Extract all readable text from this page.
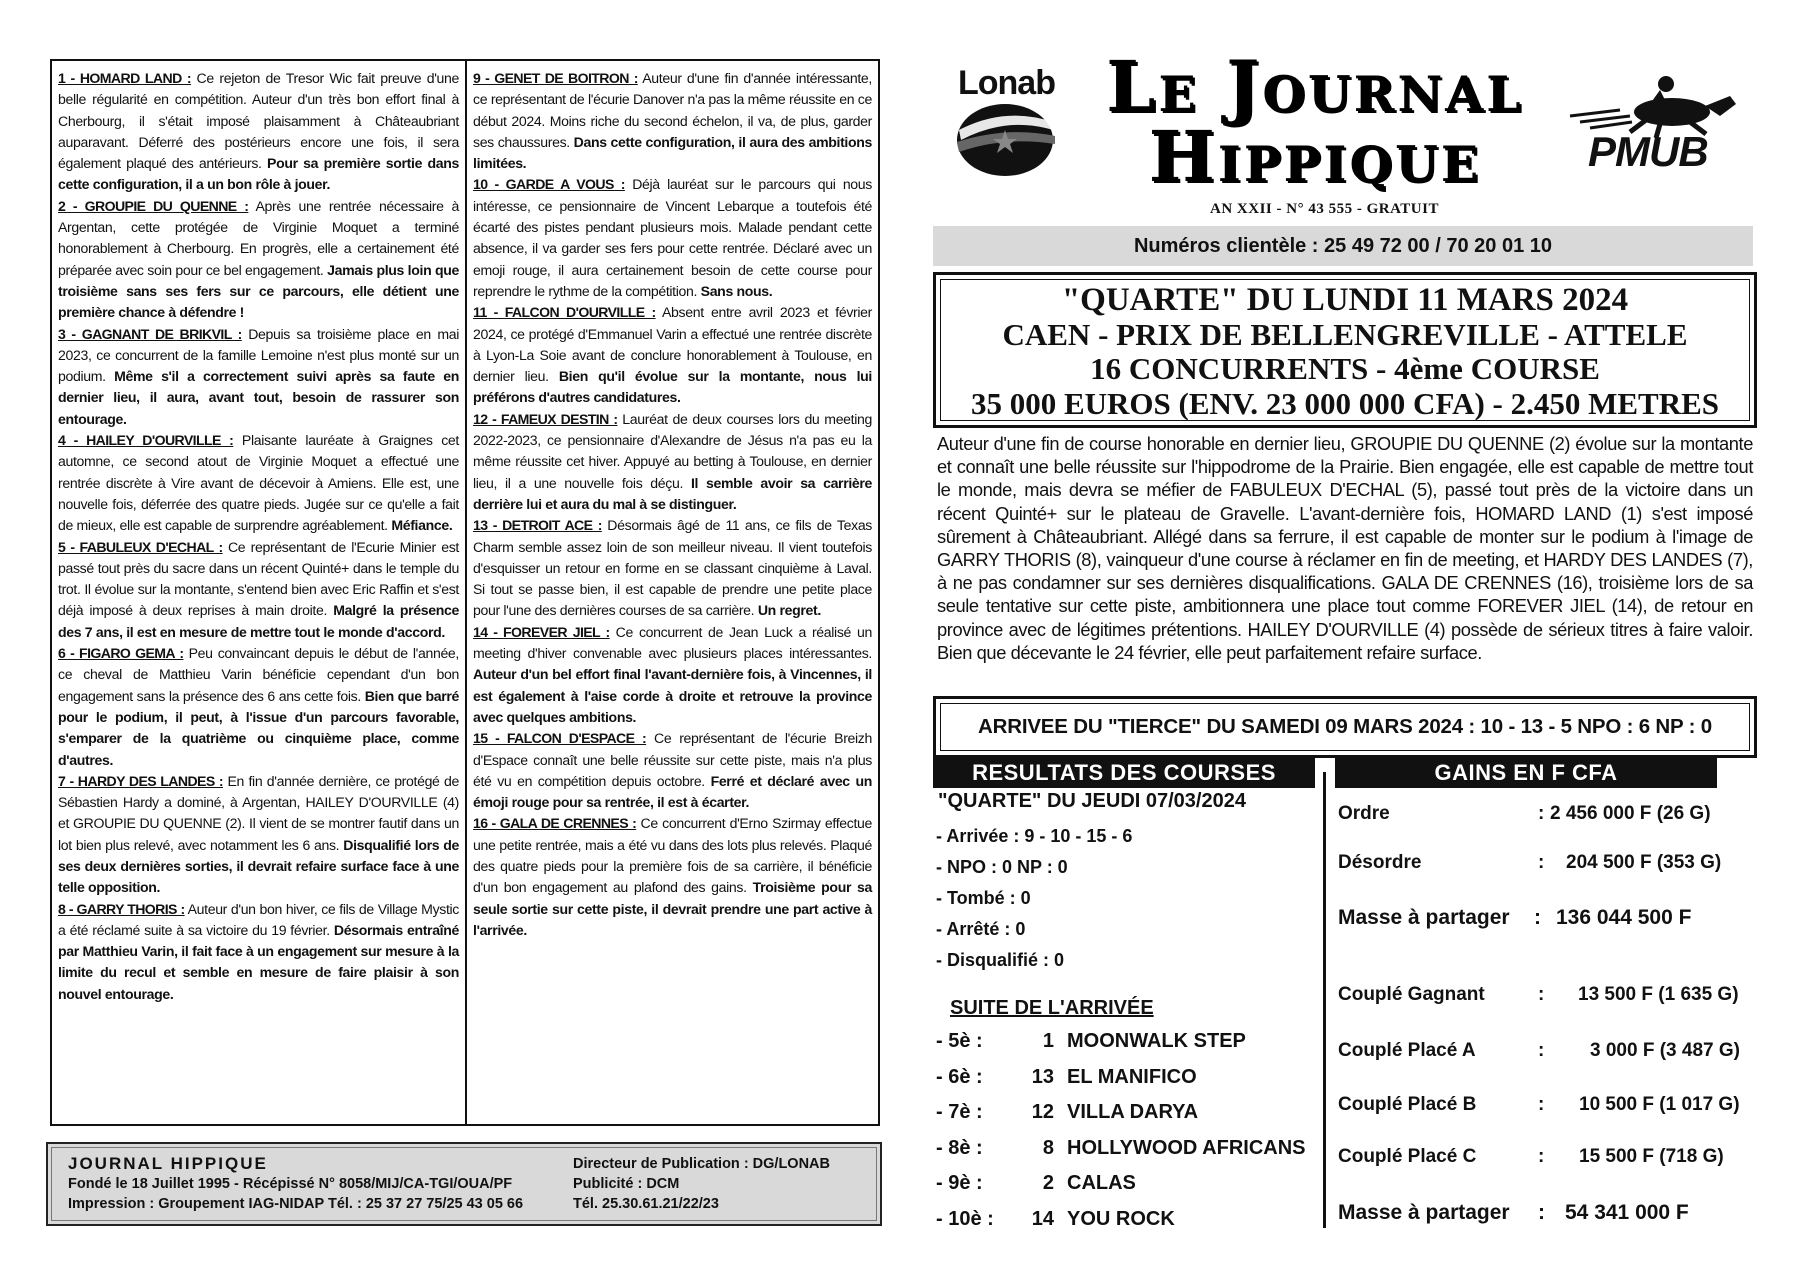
1 - HOMARD LAND : Ce rejeton de Tresor Wic fait preuve d'une belle régularité en compétition. Auteur d'un très bon effort final à Cherbourg, il s'était imposé plaisamment à Châteaubriant auparavant. Déferré des postérieurs encore une fois, il sera également plaqué des antérieurs. Pour sa première sortie dans cette configuration, il a un bon rôle à jouer.

2 - GROUPIE DU QUENNE : Après une rentrée nécessaire à Argentan, cette protégée de Virginie Moquet a terminé honorablement à Cherbourg. En progrès, elle a certainement été préparée avec soin pour ce bel engagement. Jamais plus loin que troisième sans ses fers sur ce parcours, elle détient une première chance à défendre !

3 - GAGNANT DE BRIKVIL : Depuis sa troisième place en mai 2023, ce concurrent de la famille Lemoine n'est plus monté sur un podium. Même s'il a correctement suivi après sa faute en dernier lieu, il aura, avant tout, besoin de rassurer son entourage.

4 - HAILEY D'OURVILLE : Plaisante lauréate à Graignes cet automne, ce second atout de Virginie Moquet a effectué une rentrée discrète à Vire avant de décevoir à Amiens. Elle est, une nouvelle fois, déferrée des quatre pieds. Jugée sur ce qu'elle a fait de mieux, elle est capable de surprendre agréablement. Méfiance.

5 - FABULEUX D'ECHAL : Ce représentant de l'Ecurie Minier est passé tout près du sacre dans un récent Quinté+ dans le temple du trot. Il évolue sur la montante, s'entend bien avec Eric Raffin et s'est déjà imposé à deux reprises à main droite. Malgré la présence des 7 ans, il est en mesure de mettre tout le monde d'accord.

6 - FIGARO GEMA : Peu convaincant depuis le début de l'année, ce cheval de Matthieu Varin bénéficie cependant d'un bon engagement sans la présence des 6 ans cette fois. Bien que barré pour le podium, il peut, à l'issue d'un parcours favorable, s'emparer de la quatrième ou cinquième place, comme d'autres.

7 - HARDY DES LANDES : En fin d'année dernière, ce protégé de Sébastien Hardy a dominé, à Argentan, HAILEY D'OURVILLE (4) et GROUPIE DU QUENNE (2). Il vient de se montrer fautif dans un lot bien plus relevé, avec notamment les 6 ans. Disqualifié lors de ses deux dernières sorties, il devrait refaire surface face à une telle opposition.

8 - GARRY THORIS : Auteur d'un bon hiver, ce fils de Village Mystic a été réclamé suite à sa victoire du 19 février. Désormais entraîné par Matthieu Varin, il fait face à un engagement sur mesure à la limite du recul et semble en mesure de faire plaisir à son nouvel entourage.

9 - GENET DE BOITRON : Auteur d'une fin d'année intéressante, ce représentant de l'écurie Danover n'a pas la même réussite en ce début 2024. Moins riche du second échelon, il va, de plus, garder ses chaussures. Dans cette configuration, il aura des ambitions limitées.

10 - GARDE A VOUS : Déjà lauréat sur le parcours qui nous intéresse, ce pensionnaire de Vincent Lebarque a toutefois été écarté des pistes pendant plusieurs mois. Malade pendant cette absence, il va garder ses fers pour cette rentrée. Déclaré avec un emoji rouge, il aura certainement besoin de cette course pour reprendre le rythme de la compétition. Sans nous.

11 - FALCON D'OURVILLE : Absent entre avril 2023 et février 2024, ce protégé d'Emmanuel Varin a effectué une rentrée discrète à Lyon-La Soie avant de conclure honorablement à Toulouse, en dernier lieu. Bien qu'il évolue sur la montante, nous lui préférons d'autres candidatures.

12 - FAMEUX DESTIN : Lauréat de deux courses lors du meeting 2022-2023, ce pensionnaire d'Alexandre de Jésus n'a pas eu la même réussite cet hiver. Appuyé au betting à Toulouse, en dernier lieu, il a une nouvelle fois déçu. Il semble avoir sa carrière derrière lui et aura du mal à se distinguer.

13 - DETROIT ACE : Désormais âgé de 11 ans, ce fils de Texas Charm semble assez loin de son meilleur niveau. Il vient toutefois d'esquisser un retour en forme en se classant cinquième à Laval. Si tout se passe bien, il est capable de prendre une petite place pour l'une des dernières courses de sa carrière. Un regret.

14 - FOREVER JIEL : Ce concurrent de Jean Luck a réalisé un meeting d'hiver convenable avec plusieurs places intéressantes. Auteur d'un bel effort final l'avant-dernière fois, à Vincennes, il est également à l'aise corde à droite et retrouve la province avec quelques ambitions.

15 - FALCON D'ESPACE : Ce représentant de l'écurie Breizh d'Espace connaît une belle réussite sur cette piste, mais n'a plus été vu en compétition depuis octobre. Ferré et déclaré avec un émoji rouge pour sa rentrée, il est à écarter.

16 - GALA DE CRENNES : Ce concurrent d'Erno Szirmay effectue une petite rentrée, mais a été vu dans des lots plus relevés. Plaqué des quatre pieds pour la première fois de sa carrière, il bénéficie d'un bon engagement au plafond des gains. Troisième pour sa seule sortie sur cette piste, il devrait prendre une part active à l'arrivée.

JOURNAL HIPPIQUE
Fondé le 18 Juillet 1995 - Récépissé N° 8058/MIJ/CA-TGI/OUA/PF
Impression : Groupement IAG-NIDAP Tél. : 25 37 27 75/25 43 05 66
Directeur de Publication : DG/LONAB
Publicité : DCM
Tél. 25.30.61.21/22/23
Lonab Le Journal
Hippique
AN XXII - N° 43 555 - GRATUIT
PMUB
Numéros clientèle : 25 49 72 00 / 70 20 01 10
"QUARTE" DU LUNDI 11 MARS 2024
CAEN - PRIX DE BELLENGREVILLE - ATTELE
16 CONCURRENTS - 4ème COURSE
35 000 EUROS (ENV. 23 000 000 CFA) - 2.450 METRES
Auteur d'une fin de course honorable en dernier lieu, GROUPIE DU QUENNE (2) évolue sur la montante et connaît une belle réussite sur l'hippodrome de la Prairie. Bien engagée, elle est capable de mettre tout le monde, mais devra se méfier de FABULEUX D'ECHAL (5), passé tout près de la victoire dans un récent Quinté+ sur le plateau de Gravelle. L'avant-dernière fois, HOMARD LAND (1) s'est imposé sûrement à Châteaubriant. Allégé dans sa ferrure, il est capable de monter sur le podium à l'image de GARRY THORIS (8), vainqueur d'une course à réclamer en fin de meeting, et HARDY DES LANDES (7), à ne pas condamner sur ses dernières disqualifications. GALA DE CRENNES (16), troisième lors de sa seule tentative sur cette piste, ambitionnera une place tout comme FOREVER JIEL (14), de retour en province avec de légitimes prétentions. HAILEY D'OURVILLE (4) possède de sérieux titres à faire valoir. Bien que décevante le 24 février, elle peut parfaitement refaire surface.
ARRIVEE DU "TIERCE" DU SAMEDI 09 MARS 2024 : 10 - 13 - 5 NPO : 6 NP : 0
RESULTATS DES COURSES	GAINS EN F CFA
"QUARTE" DU JEUDI 07/03/2024
- Arrivée : 9 - 10 - 15 - 6
- NPO : 0 NP : 0
- Tombé : 0
- Arrêté : 0
- Disqualifié : 0
SUITE DE L'ARRIVÉE
- 5è :	1 MOONWALK STEP
- 6è :	13 EL MANIFICO
- 7è :	12 VILLA DARYA
- 8è :	8 HOLLYWOOD AFRICANS
- 9è :	2 CALAS
- 10è :	14 YOU ROCK
Ordre	: 2 456 000 F (26 G)
Désordre	: 204 500 F (353 G)
Masse à partager : 136 044 500 F
Couplé Gagnant	: 13 500 F (1 635 G)
Couplé Placé A	: 3 000 F (3 487 G)
Couplé Placé B	: 10 500 F (1 017 G)
Couplé Placé C	: 15 500 F (718 G)
Masse à partager : 54 341 000 F
